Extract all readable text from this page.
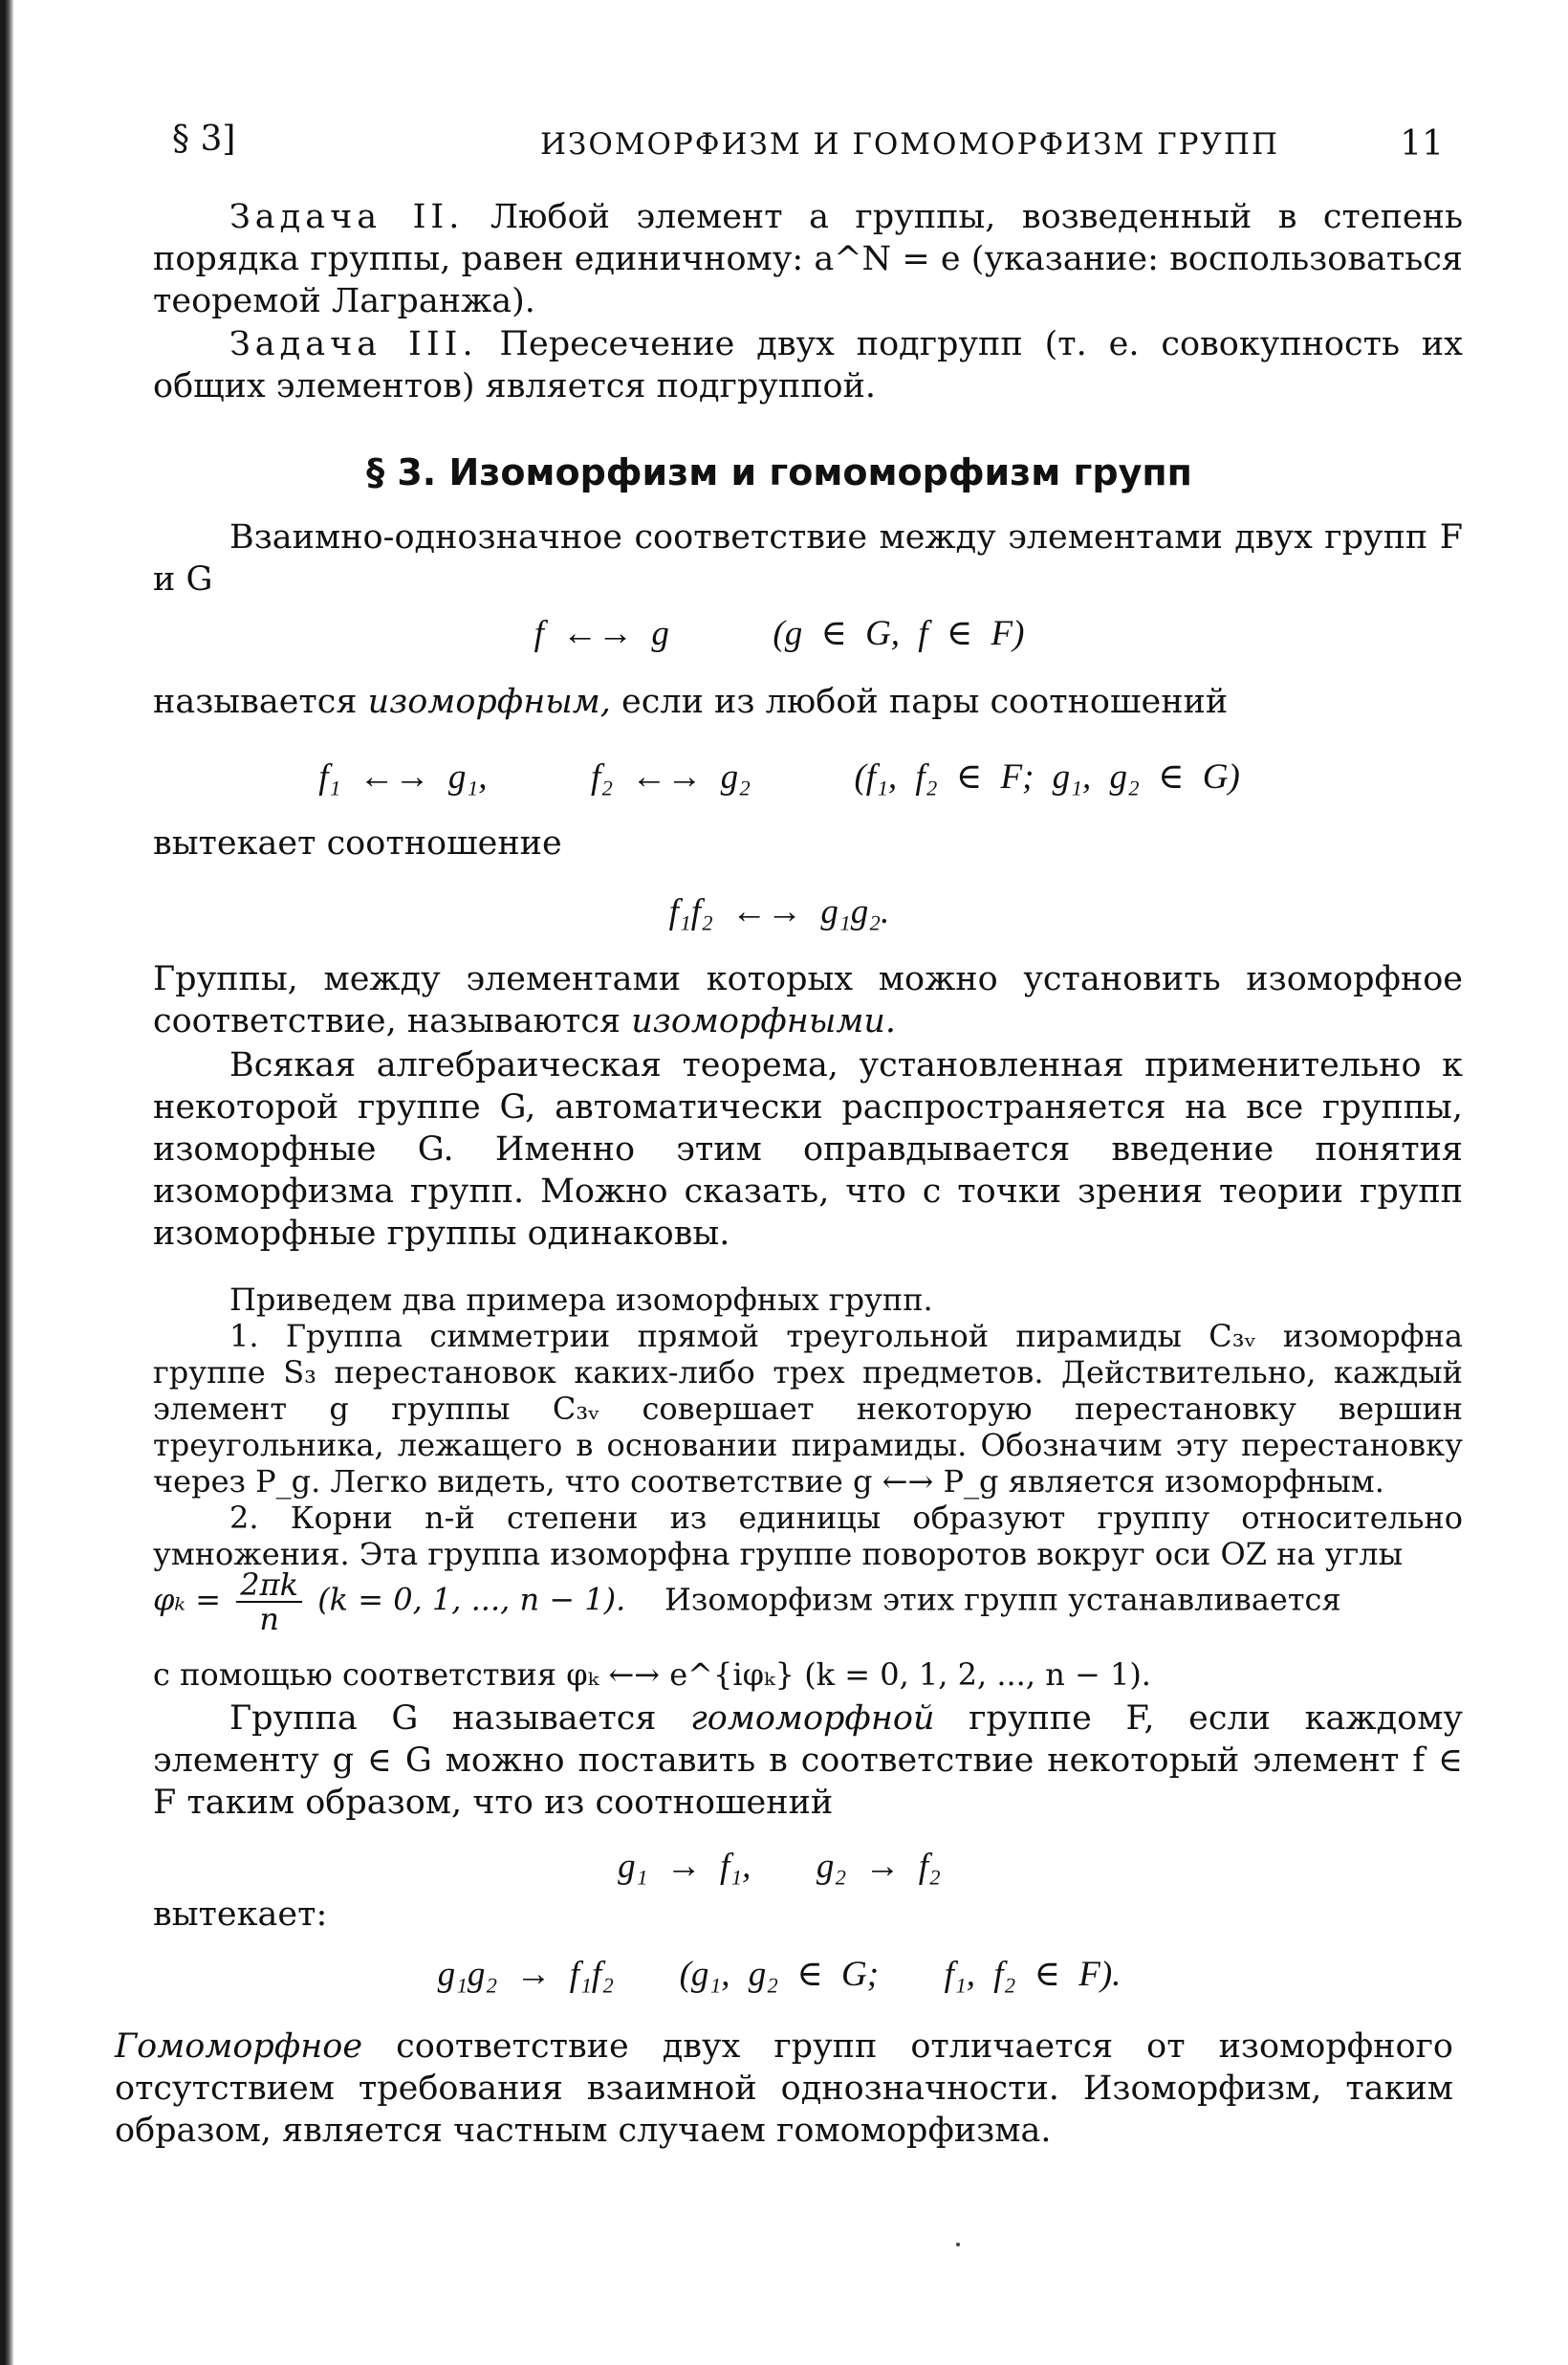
§ 3]	ИЗОМОРФИЗМ И ГОМОМОРФИЗМ ГРУПП	11

Задача II. Любой элемент a группы, возведенный в степень порядка группы, равен единичному: a^N = e (указание: воспользоваться теоремой Лагранжа).

Задача III. Пересечение двух подгрупп (т. е. совокупность их общих элементов) является подгруппой.

§ 3. Изоморфизм и гомоморфизм групп

Взаимно-однозначное соответствие между элементами двух групп F и G

f ←→ g	(g ∈ G, f ∈ F)

называется изоморфным, если из любой пары соотношений

f₁ ←→ g₁,	f₂ ←→ g₂	(f₁, f₂ ∈ F; g₁, g₂ ∈ G)

вытекает соотношение

f₁f₂ ←→ g₁g₂.

Группы, между элементами которых можно установить изоморфное соответствие, называются изоморфными.

Всякая алгебраическая теорема, установленная применительно к некоторой группе G, автоматически распространяется на все группы, изоморфные G. Именно этим оправдывается введение понятия изоморфизма групп. Можно сказать, что с точки зрения теории групп изоморфные группы одинаковы.

Приведем два примера изоморфных групп.

1. Группа симметрии прямой треугольной пирамиды C₃ᵥ изоморфна группе S₃ перестановок каких-либо трех предметов. Действительно, каждый элемент g группы C₃ᵥ совершает некоторую перестановку вершин треугольника, лежащего в основании пирамиды. Обозначим эту перестановку через P_g. Легко видеть, что соответствие g ←→ P_g является изоморфным.

2. Корни n-й степени из единицы образуют группу относительно умножения. Эта группа изоморфна группе поворотов вокруг оси OZ на углы

$\varphi_k = \frac{2\pi k}{n} (k = 0$, 1, ..., n − 1). Изоморфизм этих групп устанавливается

с помощью соответствия φₖ ←→ e^{iφₖ} (k = 0, 1, 2, ..., n − 1).

Группа G называется гомоморфной группе F, если каждому элементу g ∈ G можно поставить в соответствие некоторый элемент f ∈ F таким образом, что из соотношений

g₁ → f₁, g₂ → f₂

вытекает:

g₁g₂ → f₁f₂ (g₁, g₂ ∈ G; f₁, f₂ ∈ F).

Гомоморфное соответствие двух групп отличается от изоморфного отсутствием требования взаимной однозначности. Изоморфизм, таким образом, является частным случаем гомоморфизма.
